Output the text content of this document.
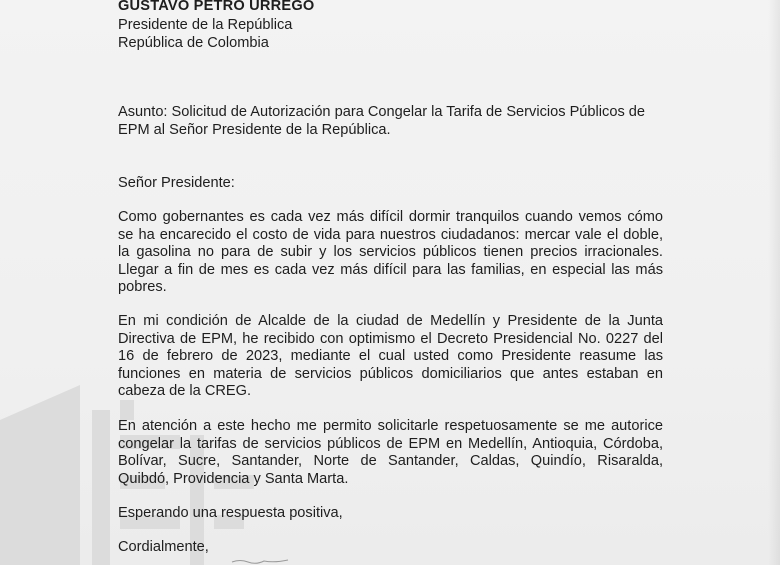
GUSTAVO PETRO URREGO
Presidente de la República
República de Colombia
Asunto: Solicitud de Autorización para Congelar la Tarifa de Servicios Públicos de
EPM al Señor Presidente de la República.
Señor Presidente:
Como gobernantes es cada vez más difícil dormir tranquilos cuando vemos cómo
se ha encarecido el costo de vida para nuestros ciudadanos: mercar vale el doble,
la gasolina no para de subir y los servicios públicos tienen precios irracionales.
Llegar a fin de mes es cada vez más difícil para las familias, en especial las más
pobres.
En mi condición de Alcalde de la ciudad de Medellín y Presidente de la Junta
Directiva de EPM, he recibido con optimismo el Decreto Presidencial No. 0227 del
16 de febrero de 2023, mediante el cual usted como Presidente reasume las
funciones en materia de servicios públicos domiciliarios que antes estaban en
cabeza de la CREG.
En atención a este hecho me permito solicitarle respetuosamente se me autorice
congelar la tarifas de servicios públicos de EPM en Medellín, Antioquia, Córdoba,
Bolívar, Sucre, Santander, Norte de Santander, Caldas, Quindío, Risaralda,
Quibdó, Providencia y Santa Marta.
Esperando una respuesta positiva,
Cordialmente,
